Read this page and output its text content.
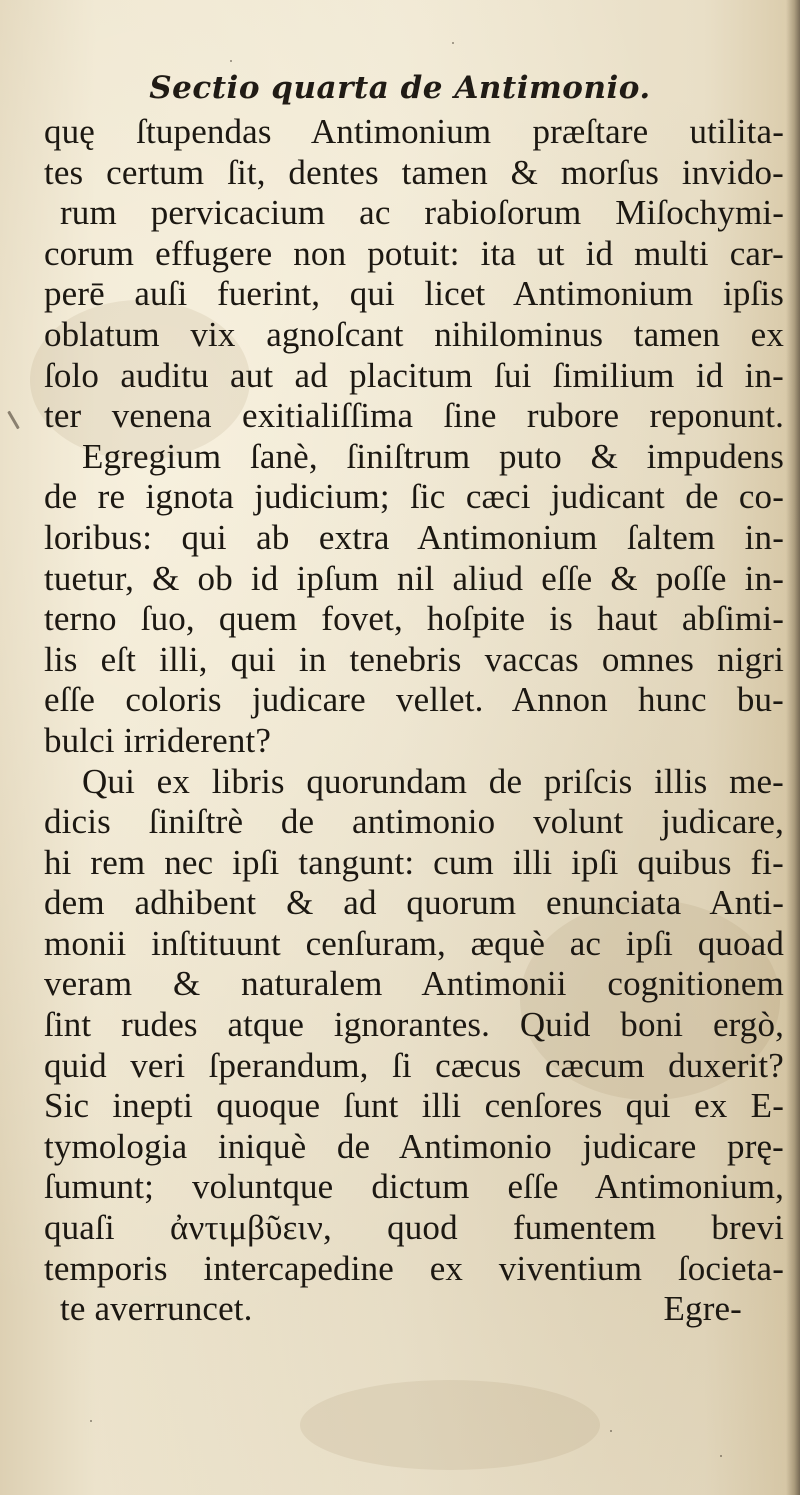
Sectio quarta de Antimonio.
quę ſtupendas Antimonium præſtare utilita-
tes certum ſit, dentes tamen & morſus invido-
rum pervicacium ac rabioſorum Miſochymi-
corum effugere non potuit: ita ut id multi car-
perē auſi fuerint, qui licet Antimonium ipſis
oblatum vix agnoſcant nihilominus tamen ex
ſolo auditu aut ad placitum ſui ſimilium id in-
ter venena exitialiſſima ſine rubore reponunt.
Egregium ſanè, ſiniſtrum puto & impudens
de re ignota judicium; ſic cæci judicant de co-
loribus: qui ab extra Antimonium ſaltem in-
tuetur, & ob id ipſum nil aliud eſſe & poſſe in-
terno ſuo, quem fovet, hoſpite is haut abſimi-
lis eſt illi, qui in tenebris vaccas omnes nigri
eſſe coloris judicare vellet. Annon hunc bu-
bulci irriderent?
Qui ex libris quorundam de priſcis illis me-
dicis ſiniſtrè de antimonio volunt judicare,
hi rem nec ipſi tangunt: cum illi ipſi quibus fi-
dem adhibent & ad quorum enunciata Anti-
monii inſtituunt cenſuram, æquè ac ipſi quoad
veram & naturalem Antimonii cognitionem
ſint rudes atque ignorantes. Quid boni ergò,
quid veri ſperandum, ſi cæcus cæcum duxerit?
Sic inepti quoque ſunt illi cenſores qui ex E-
tymologia iniquè de Antimonio judicare prę-
ſumunt; voluntque dictum eſſe Antimonium,
quaſi ἀντιμβῦειν, quod fumentem brevi
temporis intercapedine ex viventium ſocieta-
te averruncet.	Egre-
